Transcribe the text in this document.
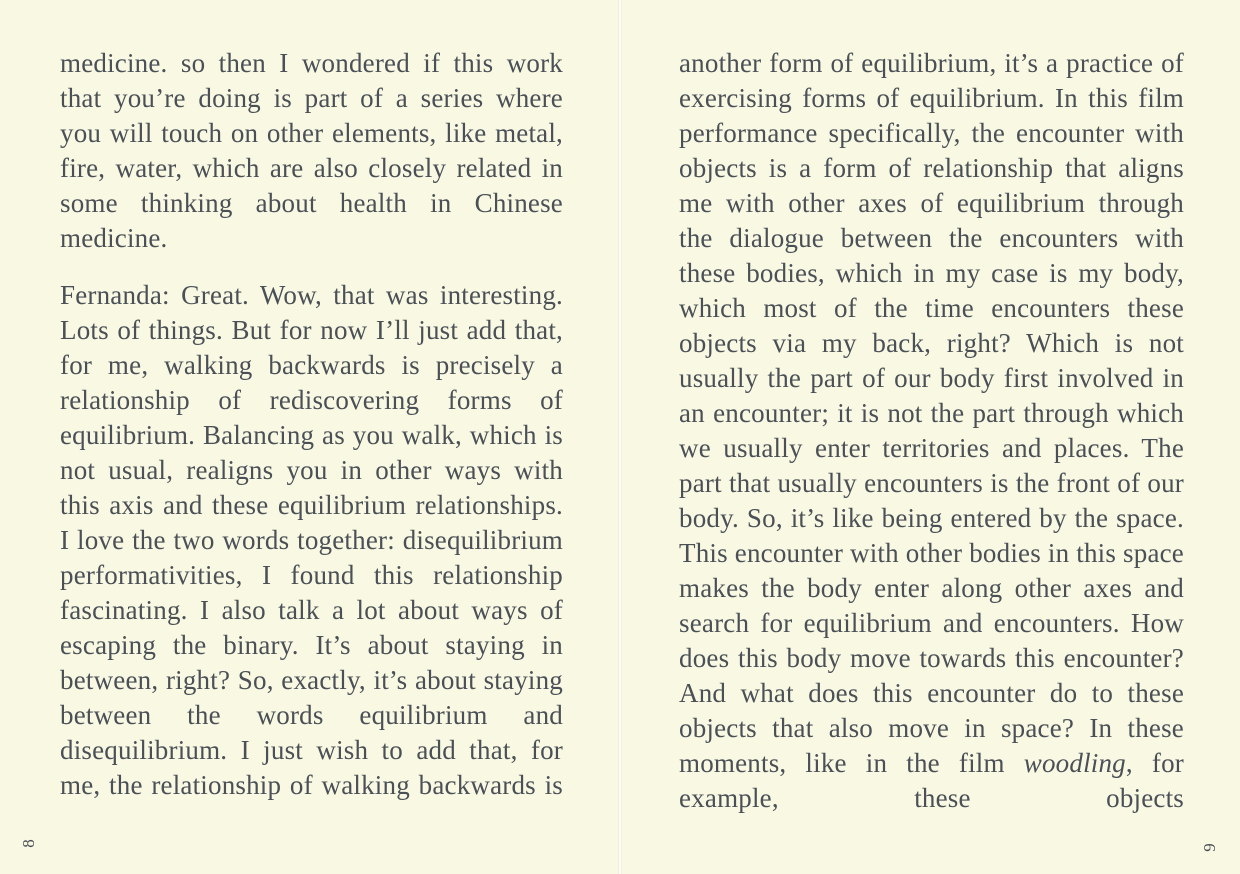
medicine. so then I wondered if this work that you’re doing is part of a series where you will touch on other elements, like metal, fire, water, which are also closely related in some thinking about health in Chinese medicine.

Fernanda: Great. Wow, that was interesting. Lots of things. But for now I’ll just add that, for me, walking backwards is precisely a relationship of rediscovering forms of equilibrium. Balancing as you walk, which is not usual, realigns you in other ways with this axis and these equilibrium relationships. I love the two words together: disequilibrium performativities, I found this relationship fascinating. I also talk a lot about ways of escaping the binary. It’s about staying in between, right? So, exactly, it’s about staying between the words equilibrium and disequilibrium. I just wish to add that, for me, the relationship of walking backwards is

8

another form of equilibrium, it’s a practice of exercising forms of equilibrium. In this film performance specifically, the encounter with objects is a form of relationship that aligns me with other axes of equilibrium through the dialogue between the encounters with these bodies, which in my case is my body, which most of the time encounters these objects via my back, right? Which is not usually the part of our body first involved in an encounter; it is not the part through which we usually enter territories and places. The part that usually encounters is the front of our body. So, it’s like being entered by the space. This encounter with other bodies in this space makes the body enter along other axes and search for equilibrium and encounters. How does this body move towards this encounter? And what does this encounter do to these objects that also move in space? In these moments, like in the film woodling, for example, these objects

9
